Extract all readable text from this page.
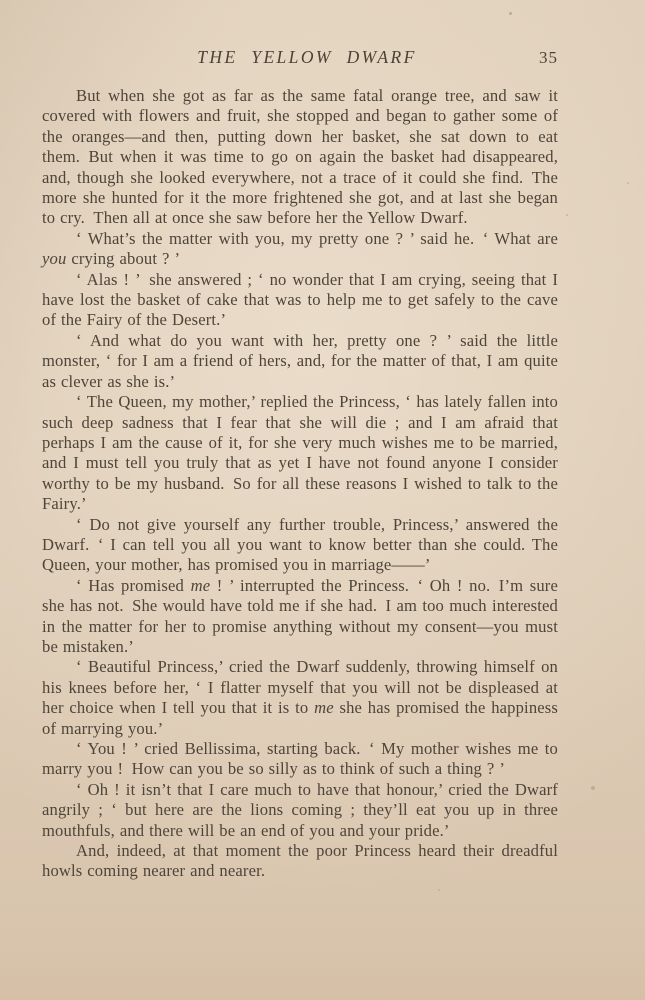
THE YELLOW DWARF	35

But when she got as far as the same fatal orange tree, and saw it covered with flowers and fruit, she stopped and began to gather some of the oranges—and then, putting down her basket, she sat down to eat them. But when it was time to go on again the basket had disappeared, and, though she looked everywhere, not a trace of it could she find. The more she hunted for it the more frightened she got, and at last she began to cry. Then all at once she saw before her the Yellow Dwarf.

‘ What’s the matter with you, my pretty one ? ’ said he. ‘ What are you crying about ? ’

‘ Alas ! ’ she answered ; ‘ no wonder that I am crying, seeing that I have lost the basket of cake that was to help me to get safely to the cave of the Fairy of the Desert.’

‘ And what do you want with her, pretty one ? ’ said the little monster, ‘ for I am a friend of hers, and, for the matter of that, I am quite as clever as she is.’

‘ The Queen, my mother,’ replied the Princess, ‘ has lately fallen into such deep sadness that I fear that she will die ; and I am afraid that perhaps I am the cause of it, for she very much wishes me to be married, and I must tell you truly that as yet I have not found anyone I consider worthy to be my husband. So for all these reasons I wished to talk to the Fairy.’

‘ Do not give yourself any further trouble, Princess,’ answered the Dwarf. ‘ I can tell you all you want to know better than she could. The Queen, your mother, has promised you in marriage——’

‘ Has promised me ! ’ interrupted the Princess. ‘ Oh ! no. I’m sure she has not. She would have told me if she had. I am too much interested in the matter for her to promise anything without my consent—you must be mistaken.’

‘ Beautiful Princess,’ cried the Dwarf suddenly, throwing himself on his knees before her, ‘ I flatter myself that you will not be displeased at her choice when I tell you that it is to me she has promised the happiness of marrying you.’

‘ You ! ’ cried Bellissima, starting back. ‘ My mother wishes me to marry you ! How can you be so silly as to think of such a thing ? ’

‘ Oh ! it isn’t that I care much to have that honour,’ cried the Dwarf angrily ; ‘ but here are the lions coming ; they’ll eat you up in three mouthfuls, and there will be an end of you and your pride.’

And, indeed, at that moment the poor Princess heard their dreadful howls coming nearer and nearer.
